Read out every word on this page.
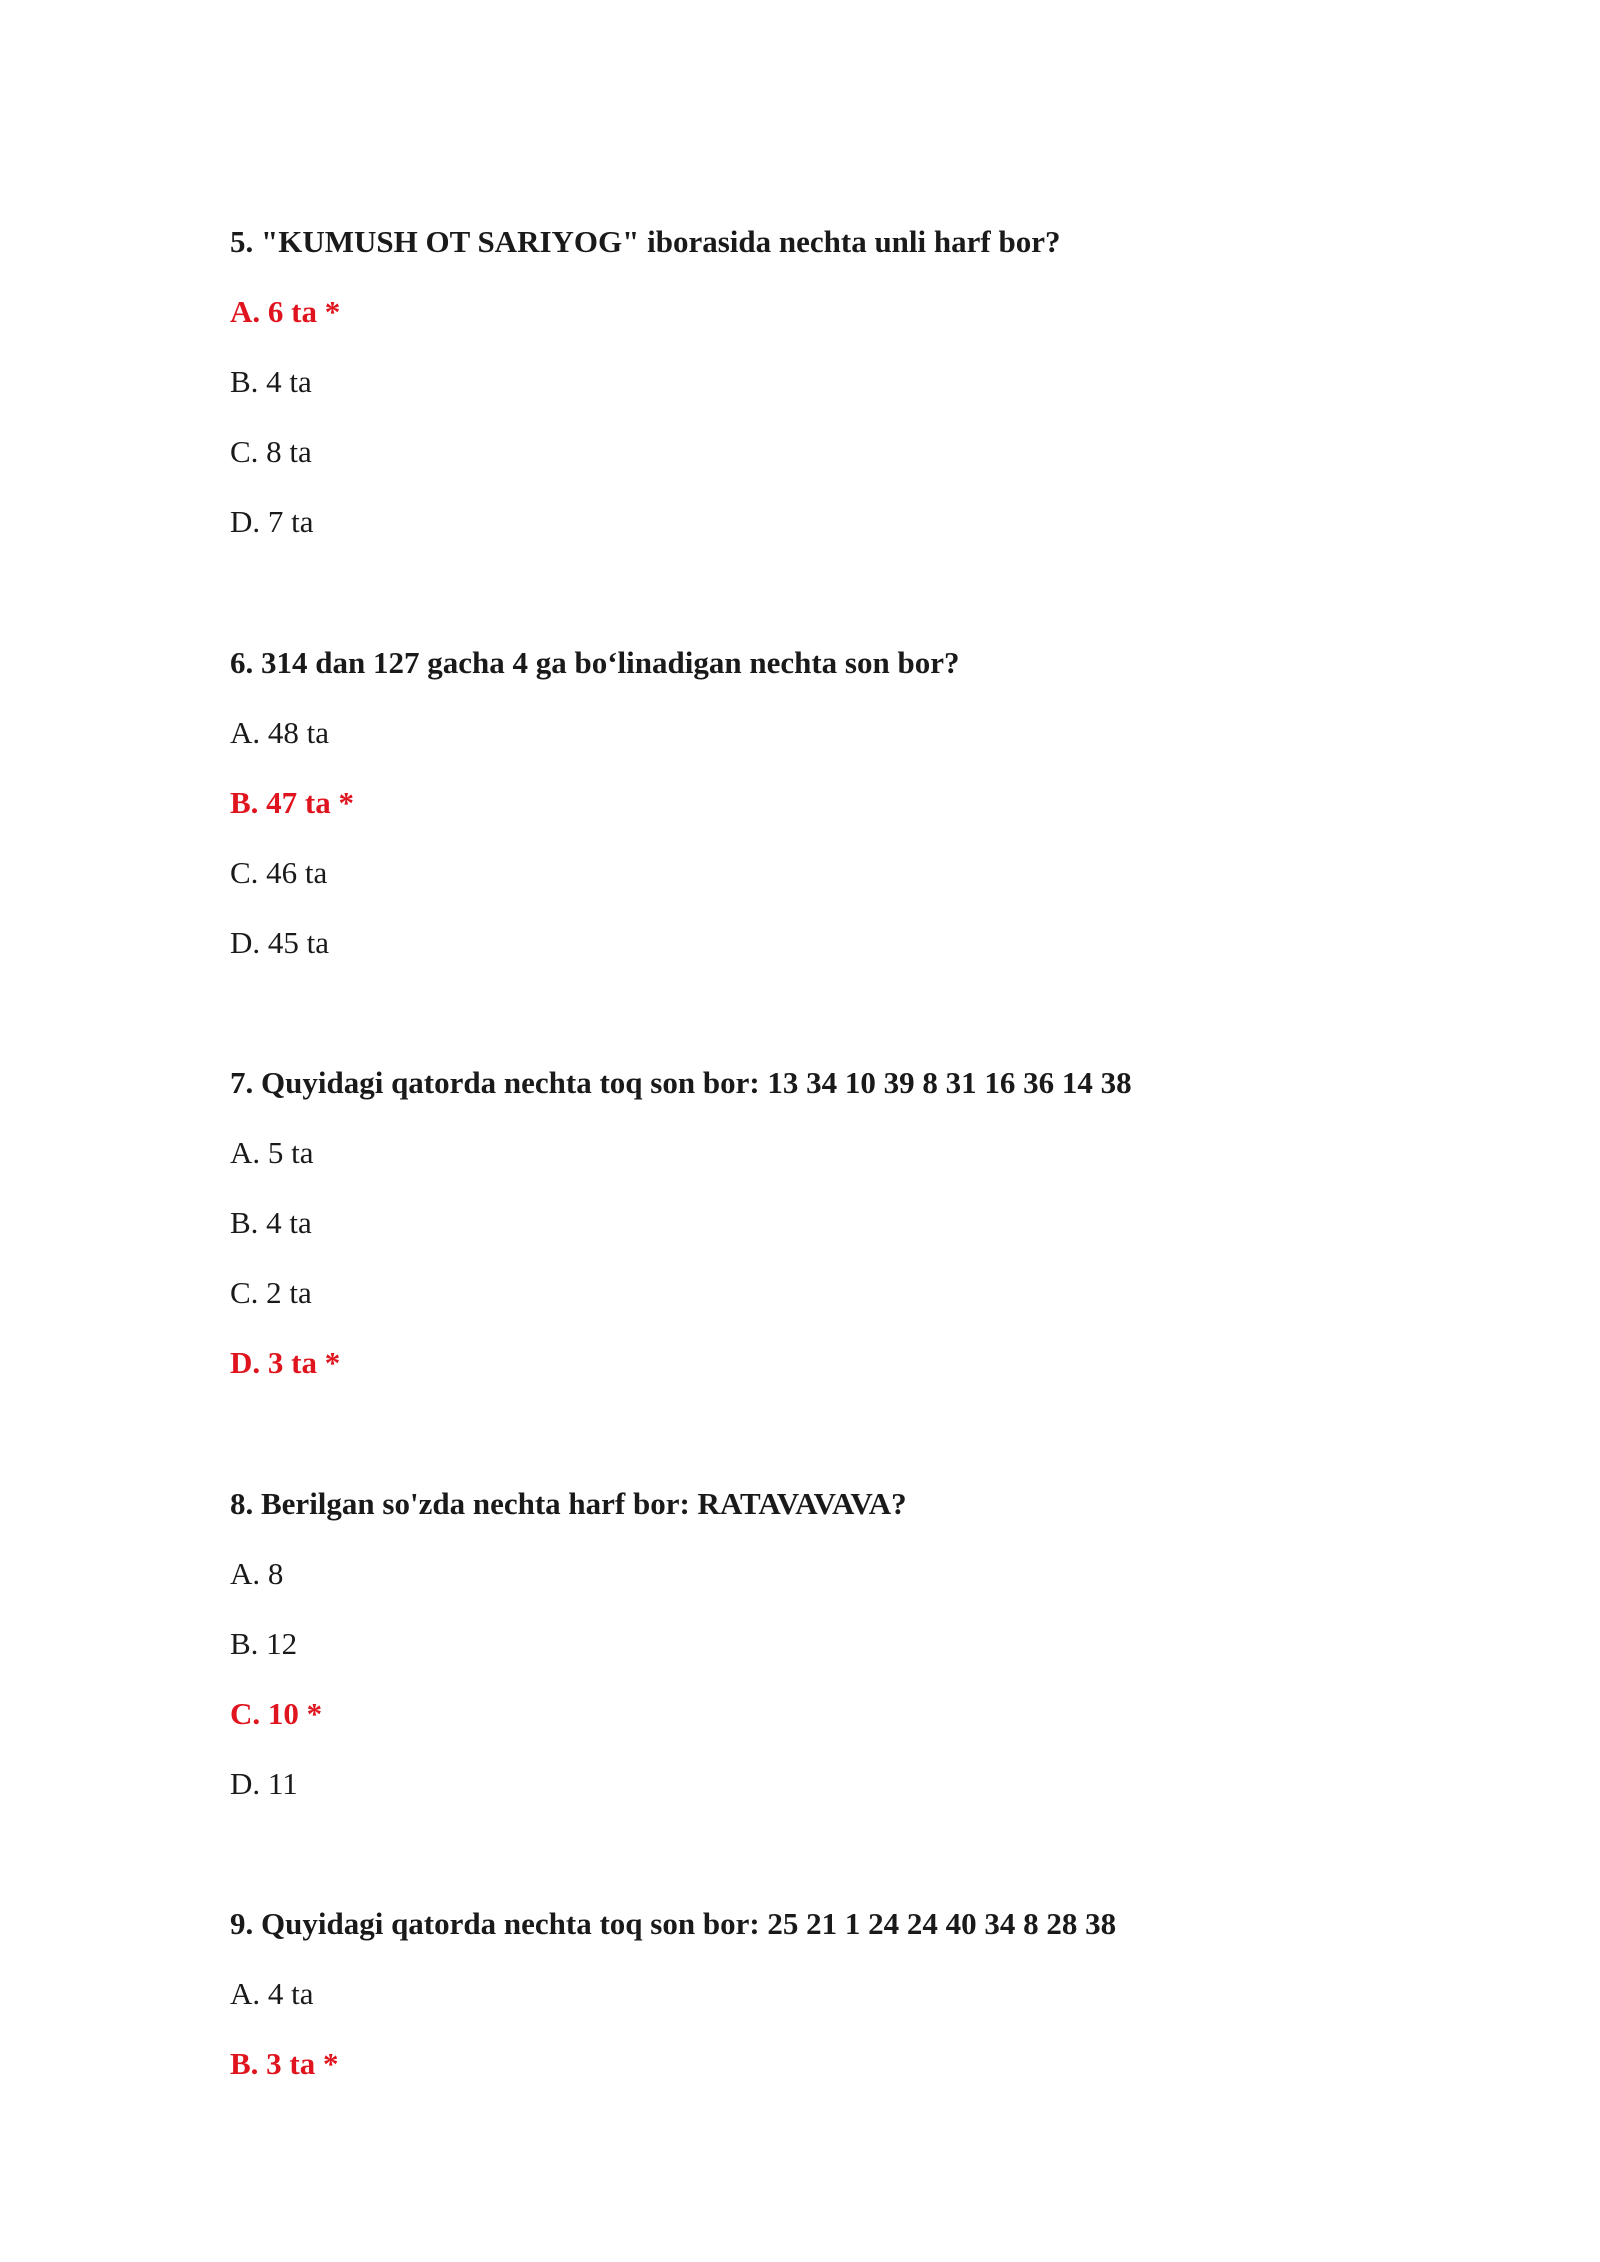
5. "KUMUSH OT SARIYOG" iborasida nechta unli harf bor?

A. 6 ta *
B. 4 ta
C. 8 ta
D. 7 ta

6. 314 dan 127 gacha 4 ga bo‘linadigan nechta son bor?

A. 48 ta
B. 47 ta *
C. 46 ta
D. 45 ta

7. Quyidagi qatorda nechta toq son bor: 13 34 10 39 8 31 16 36 14 38

A. 5 ta
B. 4 ta
C. 2 ta
D. 3 ta *

8. Berilgan so'zda nechta harf bor: RATAVAVAVA?

A. 8
B. 12
C. 10 *
D. 11

9. Quyidagi qatorda nechta toq son bor: 25 21 1 24 24 40 34 8 28 38

A. 4 ta
B. 3 ta *
